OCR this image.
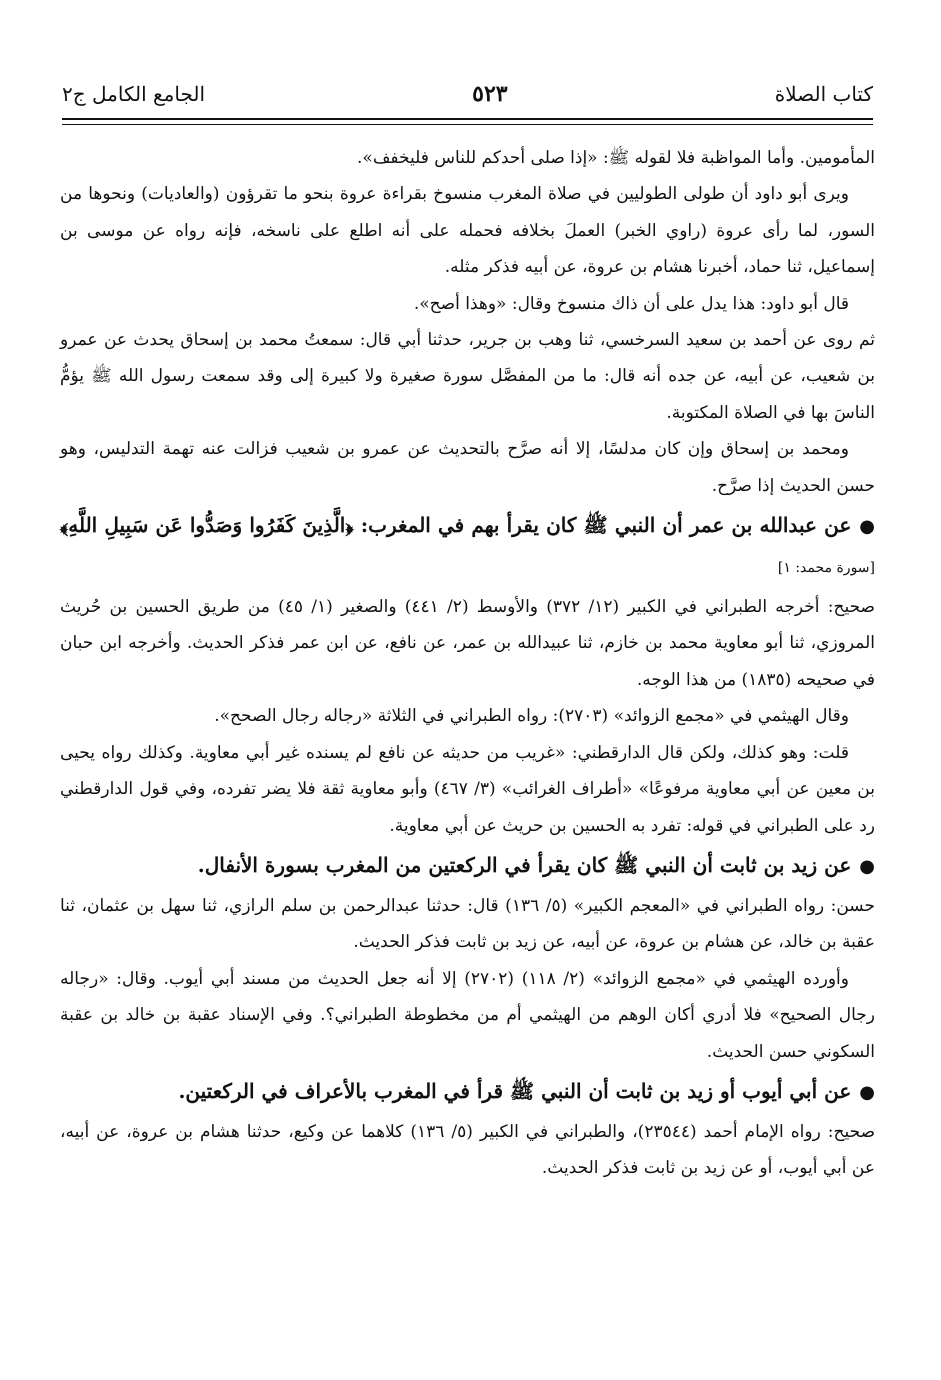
كتاب الصلاة
٥٢٣
الجامع الكامل ج٢

المأمومين. وأما المواظبة فلا لقوله ﷺ: «إذا صلى أحدكم للناس فليخفف».

ويرى أبو داود أن طولى الطوليين في صلاة المغرب منسوخ بقراءة عروة بنحو ما تقرؤون (والعاديات) ونحوها من السور، لما رأى عروة (راوي الخبر) العملَ بخلافه فحمله على أنه اطلع على ناسخه، فإنه رواه عن موسى بن إسماعيل، ثنا حماد، أخبرنا هشام بن عروة، عن أبيه فذكر مثله.

قال أبو داود: هذا يدل على أن ذاك منسوخ وقال: «وهذا أصح».

ثم روى عن أحمد بن سعيد السرخسي، ثنا وهب بن جرير، حدثنا أبي قال: سمعتُ محمد بن إسحاق يحدث عن عمرو بن شعيب، عن أبيه، عن جده أنه قال: ما من المفصَّل سورة صغيرة ولا كبيرة إلى وقد سمعت رسول الله ﷺ يؤمُّ الناسَ بها في الصلاة المكتوبة.

ومحمد بن إسحاق وإن كان مدلسًا، إلا أنه صرَّح بالتحديث عن عمرو بن شعيب فزالت عنه تهمة التدليس، وهو حسن الحديث إذا صرَّح.

●عن عبدالله بن عمر أن النبي ﷺ كان يقرأ بهم في المغرب: ﴿الَّذِينَ كَفَرُوا وَصَدُّوا عَن سَبِيلِ اللَّهِ﴾ [سورة محمد: ١]

صحيح: أخرجه الطبراني في الكبير (١٢/ ٣٧٢) والأوسط (٢/ ٤٤١) والصغير (١/ ٤٥) من طريق الحسين بن حُريث المروزي، ثنا أبو معاوية محمد بن خازم، ثنا عبيدالله بن عمر، عن نافع، عن ابن عمر فذكر الحديث. وأخرجه ابن حبان في صحيحه (١٨٣٥) من هذا الوجه.

وقال الهيثمي في «مجمع الزوائد» (٢٧٠٣): رواه الطبراني في الثلاثة «رجاله رجال الصحح».

قلت: وهو كذلك، ولكن قال الدارقطني: «غريب من حديثه عن نافع لم يسنده غير أبي معاوية. وكذلك رواه يحيى بن معين عن أبي معاوية مرفوعًا» «أطراف الغرائب» (٣/ ٤٦٧) وأبو معاوية ثقة فلا يضر تفرده، وفي قول الدارقطني رد على الطبراني في قوله: تفرد به الحسين بن حريث عن أبي معاوية.

●عن زيد بن ثابت أن النبي ﷺ كان يقرأ في الركعتين من المغرب بسورة الأنفال.

حسن: رواه الطبراني في «المعجم الكبير» (٥/ ١٣٦) قال: حدثنا عبدالرحمن بن سلم الرازي، ثنا سهل بن عثمان، ثنا عقبة بن خالد، عن هشام بن عروة، عن أبيه، عن زيد بن ثابت فذكر الحديث.

وأورده الهيثمي في «مجمع الزوائد» (٢/ ١١٨) (٢٧٠٢) إلا أنه جعل الحديث من مسند أبي أيوب. وقال: «رجاله رجال الصحيح» فلا أدري أكان الوهم من الهيثمي أم من مخطوطة الطبراني؟. وفي الإسناد عقبة بن خالد بن عقبة السكوني حسن الحديث.

●عن أبي أيوب أو زيد بن ثابت أن النبي ﷺ قرأ في المغرب بالأعراف في الركعتين.

صحيح: رواه الإمام أحمد (٢٣٥٤٤)، والطبراني في الكبير (٥/ ١٣٦) كلاهما عن وكيع، حدثنا هشام بن عروة، عن أبيه، عن أبي أيوب، أو عن زيد بن ثابت فذكر الحديث.
